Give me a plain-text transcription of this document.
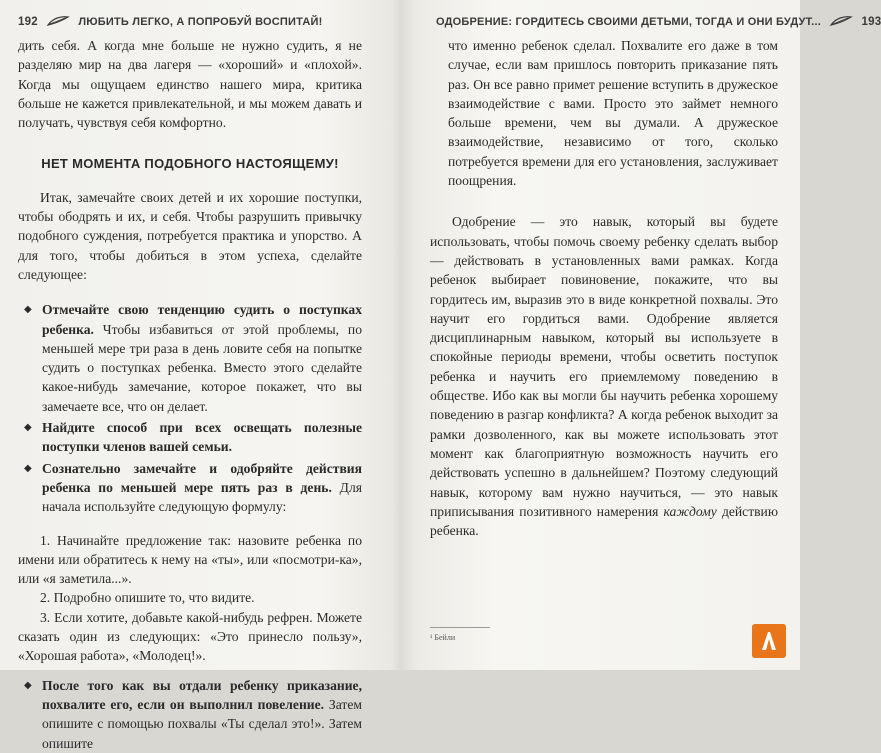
192	ЛЮБИТЬ ЛЕГКО, А ПОПРОБУЙ ВОСПИТАЙ!

дить себя. А когда мне больше не нужно судить, я не разделяю мир на два лагеря — «хороший» и «плохой». Когда мы ощущаем единство нашего мира, критика больше не кажется привлекательной, и мы можем давать и получать, чувствуя себя комфортно.

НЕТ МОМЕНТА ПОДОБНОГО НАСТОЯЩЕМУ!

Итак, замечайте своих детей и их хорошие поступки, чтобы ободрять и их, и себя. Чтобы разрушить привычку подобного суждения, потребуется практика и упорство. А для того, чтобы добиться в этом успеха, сделайте следующее:

◆ Отмечайте свою тенденцию судить о поступках ребенка. Чтобы избавиться от этой проблемы, по меньшей мере три раза в день ловите себя на попытке судить о поступках ребенка. Вместо этого сделайте какое-нибудь замечание, которое покажет, что вы замечаете все, что он делает.

◆ Найдите способ при всех освещать полезные поступки членов вашей семьи.

◆ Сознательно замечайте и одобряйте действия ребенка по меньшей мере пять раз в день. Для начала используйте следующую формулу:

1. Начинайте предложение так: назовите ребенка по имени или обратитесь к нему на «ты», или «посмотри-ка», или «я заметила...».

2. Подробно опишите то, что видите.

3. Если хотите, добавьте какой-нибудь рефрен. Можете сказать один из следующих: «Это принесло пользу», «Хорошая работа», «Молодец!».

◆ После того как вы отдали ребенку приказание, похвалите его, если он выполнил повеление. Затем опишите с помощью похвалы «Ты сделал это!». Затем опишите

ОДОБРЕНИЕ: ГОРДИТЕСЬ СВОИМИ ДЕТЬМИ, ТОГДА И ОНИ БУДУТ...	193

что именно ребенок сделал. Похвалите его даже в том случае, если вам пришлось повторить приказание пять раз. Он все равно примет решение вступить в дружеское взаимодействие с вами. Просто это займет немного больше времени, чем вы думали. А дружеское взаимодействие, независимо от того, сколько потребуется времени для его установления, заслуживает поощрения.

Одобрение — это навык, который вы будете использовать, чтобы помочь своему ребенку сделать выбор — действовать в установленных вами рамках. Когда ребенок выбирает повиновение, покажите, что вы гордитесь им, выразив это в виде конкретной похвалы. Это научит его гордиться вами. Одобрение является дисциплинарным навыком, который вы используете в спокойные периоды времени, чтобы осветить поступок ребенка и научить его приемлемому поведению в обществе. Ибо как вы могли бы научить ребенка хорошему поведению в разгар конфликта? А когда ребенок выходит за рамки дозволенного, как вы можете использовать этот момент как благоприятную возможность научить его действовать успешно в дальнейшем? Поэтому следующий навык, которому вам нужно научиться, — это навык приписывания позитивного намерения каждому действию ребенка.

¹ Бейли
